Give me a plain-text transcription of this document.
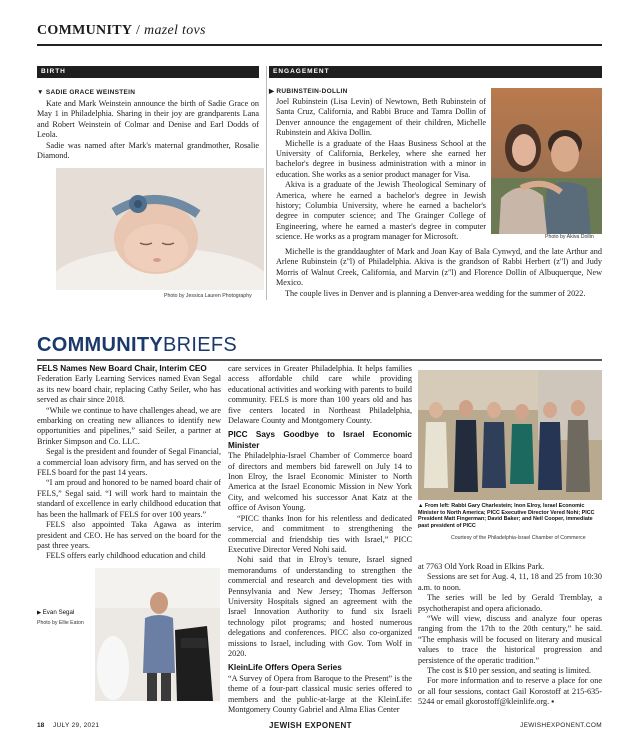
COMMUNITY / mazel tovs
BIRTH
▼ SADIE GRACE WEINSTEIN

Kate and Mark Weinstein announce the birth of Sadie Grace on May 1 in Philadelphia. Sharing in their joy are grandparents Lana and Robert Weinstein of Colmar and Denise and Earl Dodds of Leola.

Sadie was named after Mark's maternal grandmother, Rosalie Diamond.

Photo by Jessica Lauren Photography
ENGAGEMENT
▶ RUBINSTEIN-DOLLIN

Joel Rubinstein (Lisa Levin) of Newtown, Beth Rubinstein of Santa Cruz, California, and Rabbi Bruce and Tamra Dollin of Denver announce the engagement of their children, Michelle Rubinstein and Akiva Dollin.

Michelle is a graduate of the Haas Business School at the University of California, Berkeley, where she earned her bachelor's degree in business administration with a minor in education. She works as a senior product manager for Visa.

Akiva is a graduate of the Jewish Theological Seminary of America, where he earned a bachelor's degree in Jewish history; Columbia University, where he earned a bachelor's degree in computer science; and The Grainger College of Engineering, where he earned a master's degree in computer science. He works as a program manager for Microsoft.

Michelle is the granddaughter of Mark and Joan Kay of Bala Cynwyd, and the late Arthur and Arlene Rubinstein (z"l) of Philadelphia. Akiva is the grandson of Rabbi Herbert (z"l) and Judy Morris of Walnut Creek, California, and Marvin (z"l) and Florence Dollin of Albuquerque, New Mexico.

The couple lives in Denver and is planning a Denver-area wedding for the summer of 2022.

Photo by Akiva Dollin
COMMUNITYBRIEFS
FELS Names New Board Chair, Interim CEO

Federation Early Learning Services named Evan Segal as its new board chair, replacing Cathy Seiler, who has served as chair since 2018.

“While we continue to have challenges ahead, we are embarking on creating new alliances to identify new opportunities and pipelines,” said Seiler, a partner at Brinker Simpson and Co. LLC.

Segal is the president and founder of Segal Financial, a commercial loan advisory firm, and has served on the FELS board for the past 14 years.

“I am proud and honored to be named board chair of FELS,” Segal said. “I will work hard to maintain the standard of excellence in early childhood education that has been the hallmark of FELS for over 100 years.”

FELS also appointed Taka Agawa as interim president and CEO. He has served on the board for the past three years.

FELS offers early childhood education and child

care services in Greater Philadelphia. It helps families access affordable child care while providing educational activities and working with parents to build community. FELS is more than 100 years old and has five centers located in Northeast Philadelphia, Delaware County and Montgomery County.

PICC Says Goodbye to Israel Economic Minister

The Philadelphia-Israel Chamber of Commerce board of directors and members bid farewell on July 14 to Inon Elroy, the Israel Economic Minister to North America at the Israel Economic Mission in New York City, and welcomed his successor Anat Katz at the office of Avison Young.

“PICC thanks Inon for his relentless and dedicated service, and commitment to strengthening the commercial and friendship ties with Israel,” PICC Executive Director Vered Nohi said.

Nohi said that in Elroy's tenure, Israel signed memorandums of understanding to strengthen the commercial and research and development ties with Pennsylvania and New Jersey; Thomas Jefferson University Hospitals signed an agreement with the Israel Innovation Authority to fund six Israeli technology pilot programs; and hosted numerous delegations and conferences. PICC also co-organized missions to Israel, including with Gov. Tom Wolf in 2020.

KleinLife Offers Opera Series

“A Survey of Opera from Baroque to the Present” is the theme of a four-part classical music series offered to members and the public-at-large at the KleinLife: Montgomery County Gabriel and Alma Elias Center

at 7763 Old York Road in Elkins Park.

Sessions are set for Aug. 4, 11, 18 and 25 from 10:30 a.m. to noon.

The series will be led by Gerald Tremblay, a psychotherapist and opera aficionado.

“We will view, discuss and analyze four operas ranging from the 17th to the 20th century,” he said. “The emphasis will be focused on literary and musical values to trace the historical progression and persistence of the operatic tradition.”

The cost is $10 per session, and seating is limited.

For more information and to reserve a place for one or all four sessions, contact Gail Korostoff at 215-635-5244 or email gkorostoff@kleinlife.org. ▪

▶ Evan Segal
Photo by Ellie Eaton
▲ From left: Rabbi Gary Charlestein; Inon Elroy, Israel Economic Minister to North America; PICC Executive Director Vered Nohi; PICC President Matt Fingerman; David Baker; and Neil Cooper, immediate past president of PICC
Courtesy of the Philadelphia-Israel Chamber of Commerce
18 JULY 29, 2021	JEWISH EXPONENT	JEWISHEXPONENT.COM
